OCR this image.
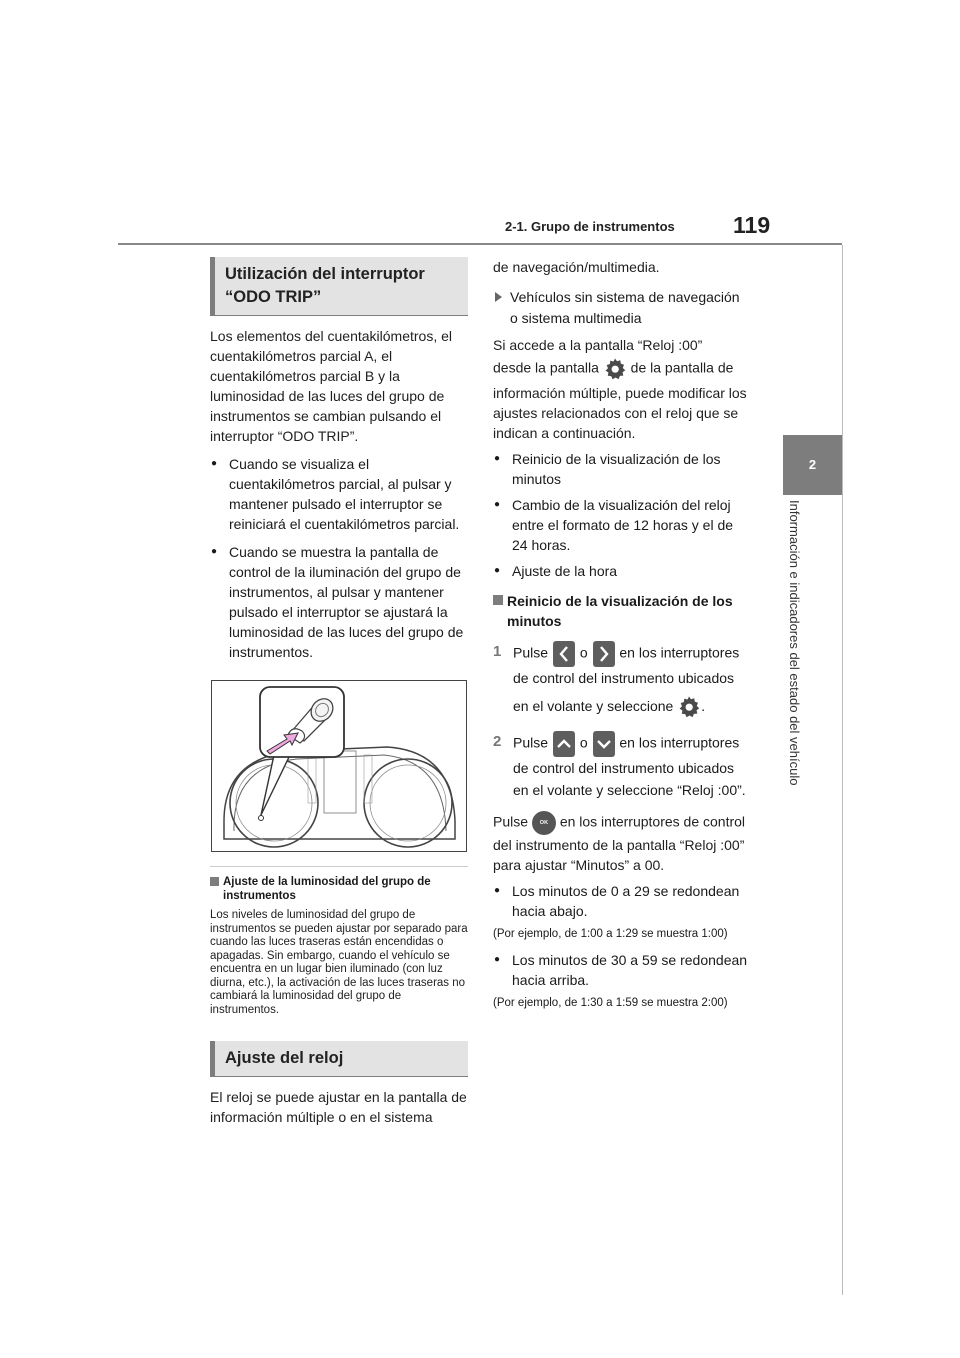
2-1. Grupo de instrumentos	119
2
Información e indicadores del estado del vehículo
Utilización del interruptor “ODO TRIP”

Los elementos del cuentakilómetros, el cuentakilómetros parcial A, el cuentakilómetros parcial B y la luminosidad de las luces del grupo de instrumentos se cambian pulsando el interruptor “ODO TRIP”.

● Cuando se visualiza el cuentakilómetros parcial, al pulsar y mantener pulsado el interruptor se reiniciará el cuentakilómetros parcial.
● Cuando se muestra la pantalla de control de la iluminación del grupo de instrumentos, al pulsar y mantener pulsado el interruptor se ajustará la luminosidad de las luces del grupo de instrumentos.
Ajuste de la luminosidad del grupo de instrumentos

Los niveles de luminosidad del grupo de instrumentos se pueden ajustar por separado para cuando las luces traseras están encendidas o apagadas. Sin embargo, cuando el vehículo se encuentra en un lugar bien iluminado (con luz diurna, etc.), la activación de las luces traseras no cambiará la luminosidad del grupo de instrumentos.

Ajuste del reloj

El reloj se puede ajustar en la pantalla de información múltiple o en el sistema

de navegación/multimedia.

Vehículos sin sistema de navegación o sistema multimedia

Si accede a la pantalla “Reloj :00”

desde la pantalla de la pantalla de

información múltiple, puede modificar los ajustes relacionados con el reloj que se indican a continuación.

● Reinicio de la visualización de los minutos
● Cambio de la visualización del reloj entre el formato de 12 horas y el de 24 horas.
● Ajuste de la hora
Reinicio de la visualización de los minutos
1 Pulse o en los interruptores de control del instrumento ubicados
en el volante y seleccione .
2 Pulse o en los interruptores de control del instrumento ubicados en el volante y seleccione “Reloj :00”.

Pulse OK en los interruptores de control del instrumento de la pantalla “Reloj :00” para ajustar “Minutos” a 00.

● Los minutos de 0 a 29 se redondean hacia abajo.

(Por ejemplo, de 1:00 a 1:29 se muestra 1:00)

● Los minutos de 30 a 59 se redondean hacia arriba.

(Por ejemplo, de 1:30 a 1:59 se muestra 2:00)
